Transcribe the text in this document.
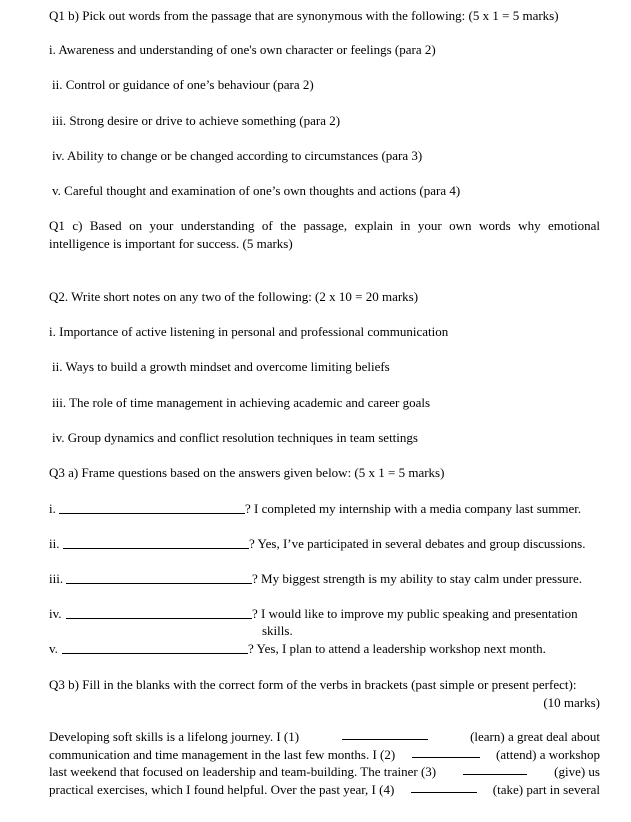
Q1 b) Pick out words from the passage that are synonymous with the following: (5 x 1 = 5 marks)
i. Awareness and understanding of one's own character or feelings (para 2)
ii. Control or guidance of one’s behaviour (para 2)
iii. Strong desire or drive to achieve something (para 2)
iv. Ability to change or be changed according to circumstances (para 3)
v. Careful thought and examination of one’s own thoughts and actions (para 4)
Q1 c) Based on your understanding of the passage, explain in your own words why emotional
intelligence is important for success. (5 marks)
Q2. Write short notes on any two of the following: (2 x 10 = 20 marks)
i. Importance of active listening in personal and professional communication
ii. Ways to build a growth mindset and overcome limiting beliefs
iii. The role of time management in achieving academic and career goals
iv. Group dynamics and conflict resolution techniques in team settings
Q3 a) Frame questions based on the answers given below: (5 x 1 = 5 marks)
i.	? I completed my internship with a media company last summer.
ii.	? Yes, I’ve participated in several debates and group discussions.
iii.	? My biggest strength is my ability to stay calm under pressure.
iv.	? I would like to improve my public speaking and presentation
skills.
v.	? Yes, I plan to attend a leadership workshop next month.
Q3 b) Fill in the blanks with the correct form of the verbs in brackets (past simple or present perfect):
(10 marks)
Developing soft skills is a lifelong journey. I (1)	(learn) a great deal about
communication and time management in the last few months. I (2)	(attend) a workshop
last weekend that focused on leadership and team-building. The trainer (3)	(give) us
practical exercises, which I found helpful. Over the past year, I (4)	(take) part in several
